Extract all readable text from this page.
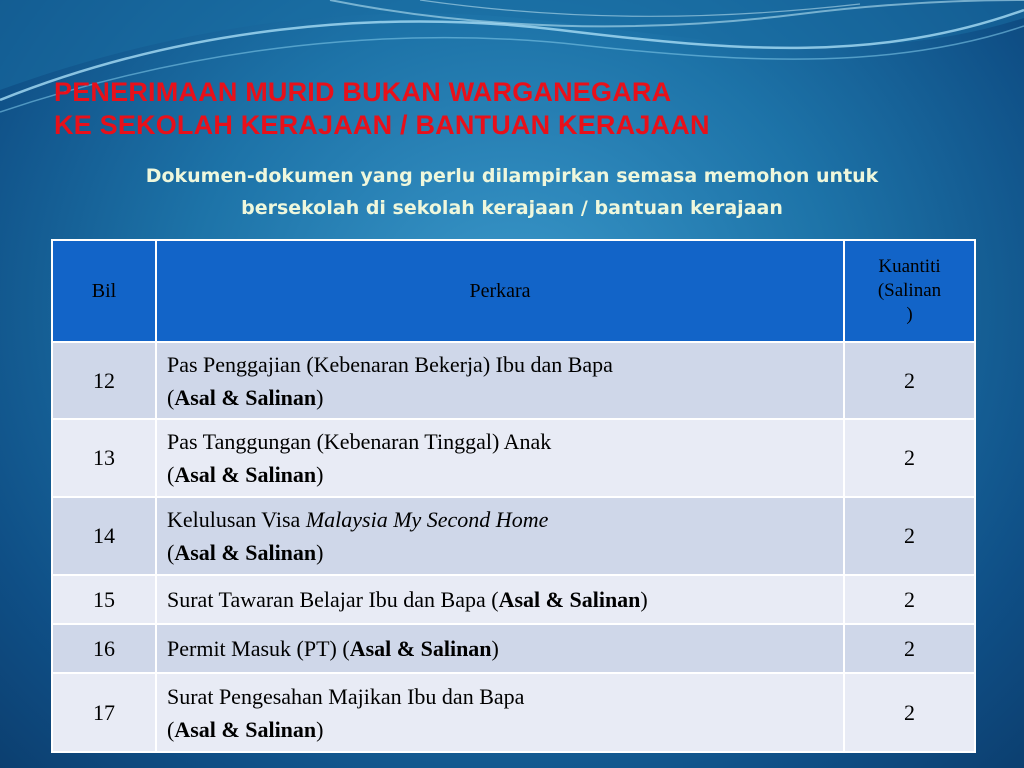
PENERIMAAN MURID BUKAN WARGANEGARA
KE SEKOLAH KERAJAAN / BANTUAN KERAJAAN

Dokumen-dokumen yang perlu dilampirkan semasa memohon untuk
bersekolah di sekolah kerajaan / bantuan kerajaan

Bil	Perkara	Kuantiti
(Salinan
)

12	Pas Penggajian (Kebenaran Bekerja) Ibu dan Bapa
(Asal & Salinan)	2
13	Pas Tanggungan (Kebenaran Tinggal) Anak
(Asal & Salinan)	2
14	Kelulusan Visa Malaysia My Second Home
(Asal & Salinan)	2
15	Surat Tawaran Belajar Ibu dan Bapa (Asal & Salinan)	2
16	Permit Masuk (PT) (Asal & Salinan)	2
17	Surat Pengesahan Majikan Ibu dan Bapa
(Asal & Salinan)	2
